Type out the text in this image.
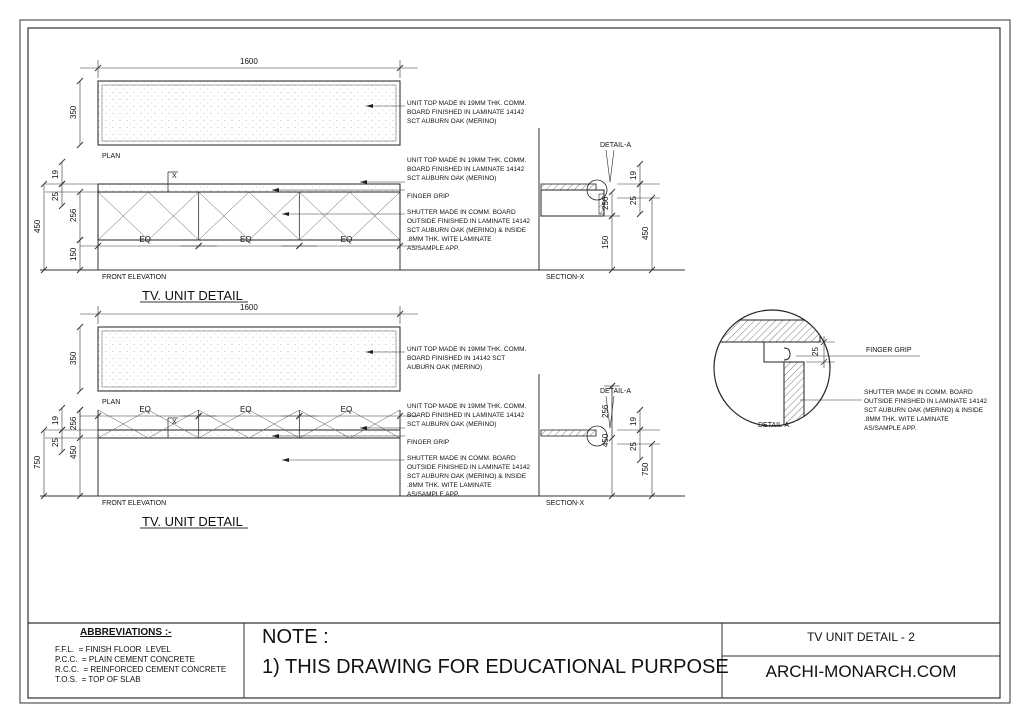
1600
350
PLAN
UNIT TOP MADE IN 19MM THK. COMM.
BOARD FINISHED IN LAMINATE 14142
SCT AUBURN OAK (MERINO)
EQ	EQ	EQ
X
19
25
256
150
450
FRONT ELEVATION
TV. UNIT DETAIL
UNIT TOP MADE IN 19MM THK. COMM.
BOARD FINISHED IN LAMINATE 14142
SCT AUBURN OAK (MERINO)
FINGER GRIP
SHUTTER MADE IN COMM. BOARD
OUTSIDE FINISHED IN LAMINATE 14142
SCT AUBURN OAK (MERINO) & INSIDE
.8MM THK. WITE LAMINATE
AS/SAMPLE APP.
DETAIL-A
19
25
256
150
450
SECTION-X
1600
350
PLAN
UNIT TOP MADE IN 19MM THK. COMM.
BOARD FINISHED IN 14142 SCT
AUBURN OAK (MERINO)
EQ	EQ	EQ
X
19
25
256
450
750
FRONT ELEVATION
TV. UNIT DETAIL
UNIT TOP MADE IN 19MM THK. COMM.
BOARD FINISHED IN LAMINATE 14142
SCT AUBURN OAK (MERINO)
FINGER GRIP
SHUTTER MADE IN COMM. BOARD
OUTSIDE FINISHED IN LAMINATE 14142
SCT AUBURN OAK (MERINO) & INSIDE
.8MM THK. WITE LAMINATE
AS/SAMPLE APP.
DETAIL-A
19
25
256
450
750
SECTION-X
25	FINGER GRIP
DETAIL-A
SHUTTER MADE IN COMM. BOARD
OUTSIDE FINISHED IN LAMINATE 14142
SCT AUBURN OAK (MERINO) & INSIDE
.8MM THK. WITE LAMINATE
AS/SAMPLE APP.
ABBREVIATIONS :-
F.F.L.  = FINISH FLOOR  LEVEL
P.C.C.  = PLAIN CEMENT CONCRETE
R.C.C.  = REINFORCED CEMENT CONCRETE
T.O.S.  = TOP OF SLAB
NOTE :
1) THIS DRAWING FOR EDUCATIONAL PURPOSE
TV UNIT DETAIL - 2
ARCHI-MONARCH.COM
